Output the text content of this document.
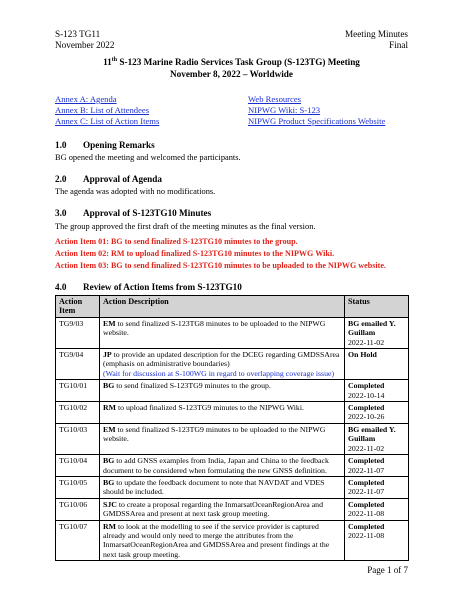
S-123 TG11
November 2022
Meeting Minutes
Final
11th S-123 Marine Radio Services Task Group (S-123TG) Meeting
November 8, 2022 – Worldwide
Annex A: Agenda
Annex B: List of Attendees
Annex C: List of Action Items
Web Resources
NIPWG Wiki: S-123
NIPWG Product Specifications Website
1.0 Opening Remarks
BG opened the meeting and welcomed the participants.
2.0 Approval of Agenda
The agenda was adopted with no modifications.
3.0 Approval of S-123TG10 Minutes
The group approved the first draft of the meeting minutes as the final version.
Action Item 01: BG to send finalized S-123TG10 minutes to the group.
Action Item 02: RM to upload finalized S-123TG10 minutes to the NIPWG Wiki.
Action Item 03: BG to send finalized S-123TG10 minutes to be uploaded to the NIPWG website.
4.0 Review of Action Items from S-123TG10
Action Item	Action Description	Status
TG9/03	EM to send finalized S-123TG8 minutes to be uploaded to the NIPWG website.	BG emailed Y. Guillam
2022-11-02

TG9/04	JP to provide an updated description for the DCEG regarding GMDSSArea (emphasis on administrative boundaries)
(Wait for discussion at S-100WG in regard to overlapping coverage issue)	On Hold

TG10/01	BG to send finalized S-123TG9 minutes to the group.	Completed
2022-10-14

TG10/02	RM to upload finalized S-123TG9 minutes to the NIPWG Wiki.	Completed
2022-10-26

TG10/03	EM to send finalized S-123TG9 minutes to be uploaded to the NIPWG website.	BG emailed Y. Guillam
2022-11-02

TG10/04	BG to add GNSS examples from India, Japan and China to the feedback document to be considered when formulating the new GNSS definition.	Completed
2022-11-07

TG10/05	BG to update the feedback document to note that NAVDAT and VDES should be included.	Completed
2022-11-07

TG10/06	SJC to create a proposal regarding the InmarsatOceanRegionArea and GMDSSArea and present at next task group meeting.	Completed
2022-11-08

TG10/07	RM to look at the modelling to see if the service provider is captured already and would only need to merge the attributes from the InmarsatOceanRegionArea and GMDSSArea and present findings at the next task group meeting.	Completed
2022-11-08
Page 1 of 7
